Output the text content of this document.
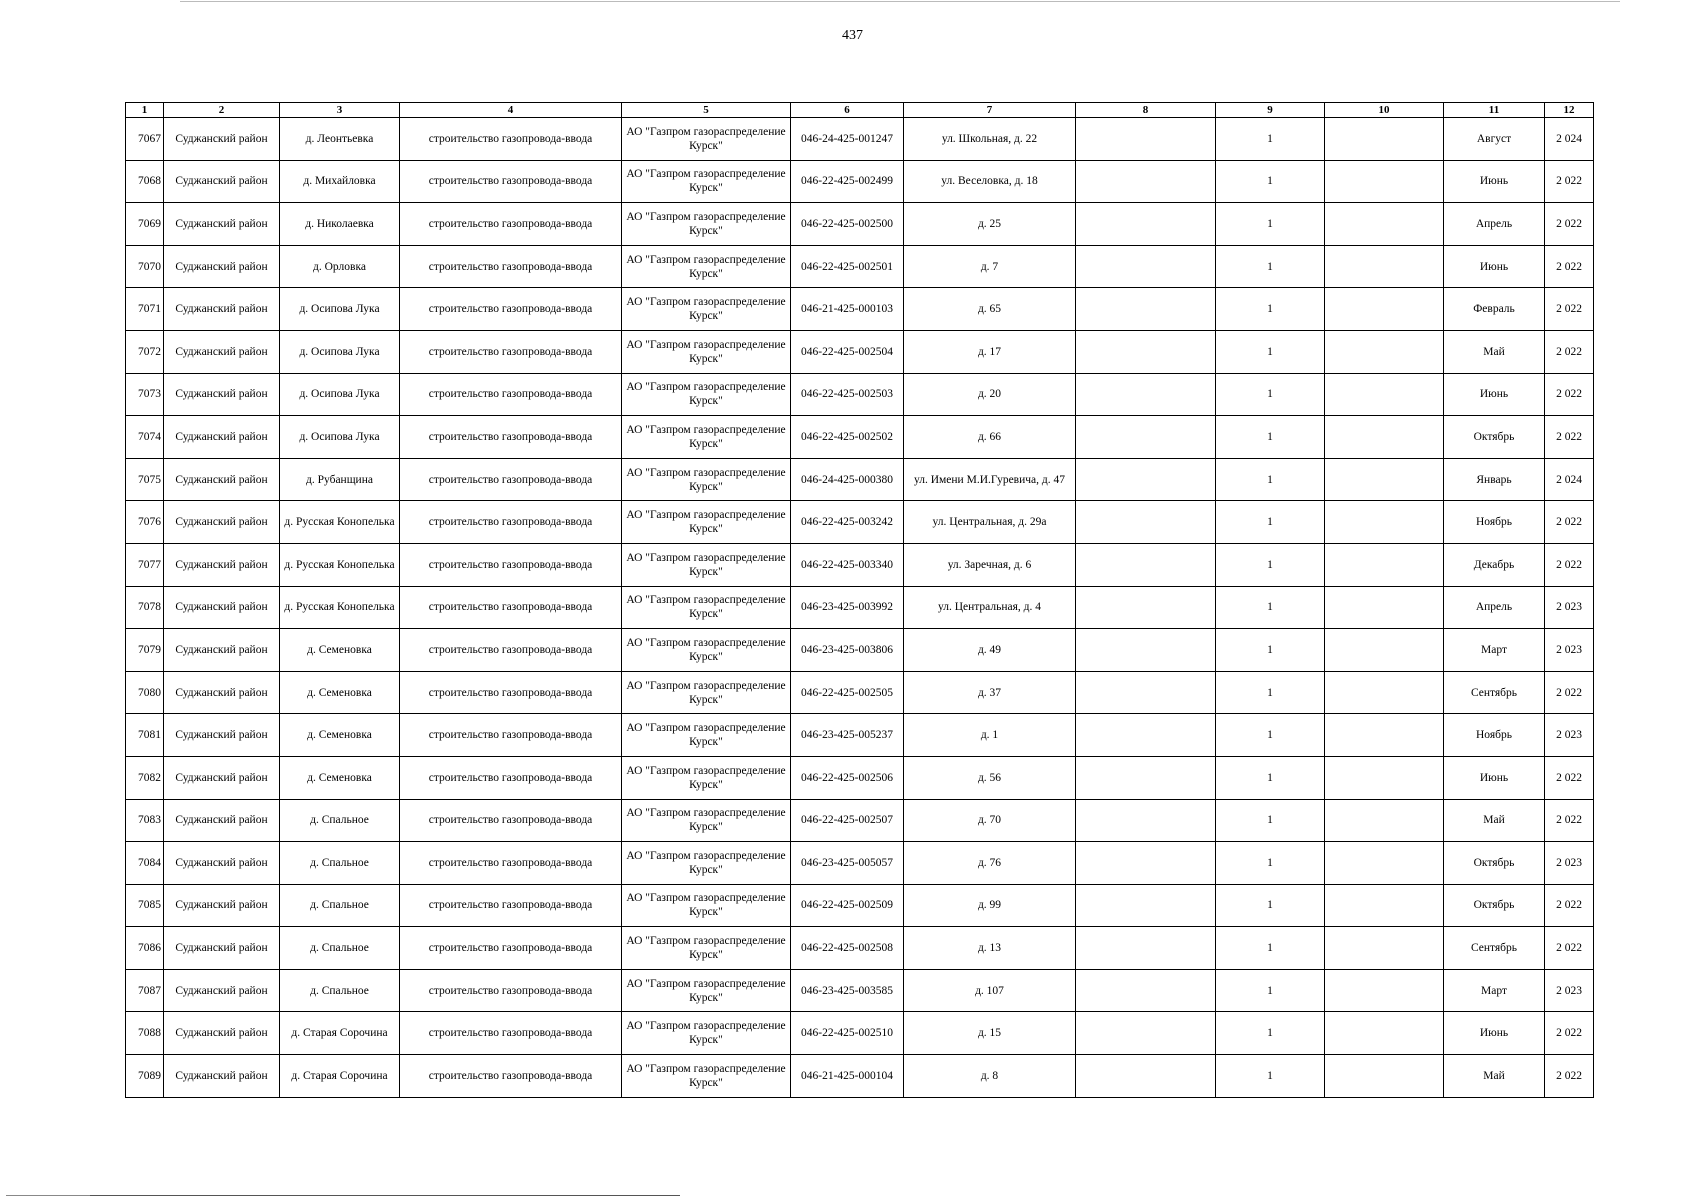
437
1	2	3	4	5	6	7	8	9	10	11	12
7067	Суджанский район	д. Леонтьевка	строительство газопровода-ввода	АО "Газпром газораспределение Курск"	046-24-425-001247	ул. Школьная, д. 22		1		Август	2 024
7068	Суджанский район	д. Михайловка	строительство газопровода-ввода	АО "Газпром газораспределение Курск"	046-22-425-002499	ул. Веселовка, д. 18		1		Июнь	2 022
7069	Суджанский район	д. Николаевка	строительство газопровода-ввода	АО "Газпром газораспределение Курск"	046-22-425-002500	д. 25		1		Апрель	2 022
7070	Суджанский район	д. Орловка	строительство газопровода-ввода	АО "Газпром газораспределение Курск"	046-22-425-002501	д. 7		1		Июнь	2 022
7071	Суджанский район	д. Осипова Лука	строительство газопровода-ввода	АО "Газпром газораспределение Курск"	046-21-425-000103	д. 65		1		Февраль	2 022
7072	Суджанский район	д. Осипова Лука	строительство газопровода-ввода	АО "Газпром газораспределение Курск"	046-22-425-002504	д. 17		1		Май	2 022
7073	Суджанский район	д. Осипова Лука	строительство газопровода-ввода	АО "Газпром газораспределение Курск"	046-22-425-002503	д. 20		1		Июнь	2 022
7074	Суджанский район	д. Осипова Лука	строительство газопровода-ввода	АО "Газпром газораспределение Курск"	046-22-425-002502	д. 66		1		Октябрь	2 022
7075	Суджанский район	д. Рубанщина	строительство газопровода-ввода	АО "Газпром газораспределение Курск"	046-24-425-000380	ул. Имени М.И.Гуревича, д. 47		1		Январь	2 024
7076	Суджанский район	д. Русская Конопелька	строительство газопровода-ввода	АО "Газпром газораспределение Курск"	046-22-425-003242	ул. Центральная, д. 29а		1		Ноябрь	2 022
7077	Суджанский район	д. Русская Конопелька	строительство газопровода-ввода	АО "Газпром газораспределение Курск"	046-22-425-003340	ул. Заречная, д. 6		1		Декабрь	2 022
7078	Суджанский район	д. Русская Конопелька	строительство газопровода-ввода	АО "Газпром газораспределение Курск"	046-23-425-003992	ул. Центральная, д. 4		1		Апрель	2 023
7079	Суджанский район	д. Семеновка	строительство газопровода-ввода	АО "Газпром газораспределение Курск"	046-23-425-003806	д. 49		1		Март	2 023
7080	Суджанский район	д. Семеновка	строительство газопровода-ввода	АО "Газпром газораспределение Курск"	046-22-425-002505	д. 37		1		Сентябрь	2 022
7081	Суджанский район	д. Семеновка	строительство газопровода-ввода	АО "Газпром газораспределение Курск"	046-23-425-005237	д. 1		1		Ноябрь	2 023
7082	Суджанский район	д. Семеновка	строительство газопровода-ввода	АО "Газпром газораспределение Курск"	046-22-425-002506	д. 56		1		Июнь	2 022
7083	Суджанский район	д. Спальное	строительство газопровода-ввода	АО "Газпром газораспределение Курск"	046-22-425-002507	д. 70		1		Май	2 022
7084	Суджанский район	д. Спальное	строительство газопровода-ввода	АО "Газпром газораспределение Курск"	046-23-425-005057	д. 76		1		Октябрь	2 023
7085	Суджанский район	д. Спальное	строительство газопровода-ввода	АО "Газпром газораспределение Курск"	046-22-425-002509	д. 99		1		Октябрь	2 022
7086	Суджанский район	д. Спальное	строительство газопровода-ввода	АО "Газпром газораспределение Курск"	046-22-425-002508	д. 13		1		Сентябрь	2 022
7087	Суджанский район	д. Спальное	строительство газопровода-ввода	АО "Газпром газораспределение Курск"	046-23-425-003585	д. 107		1		Март	2 023
7088	Суджанский район	д. Старая Сорочина	строительство газопровода-ввода	АО "Газпром газораспределение Курск"	046-22-425-002510	д. 15		1		Июнь	2 022
7089	Суджанский район	д. Старая Сорочина	строительство газопровода-ввода	АО "Газпром газораспределение Курск"	046-21-425-000104	д. 8		1		Май	2 022
